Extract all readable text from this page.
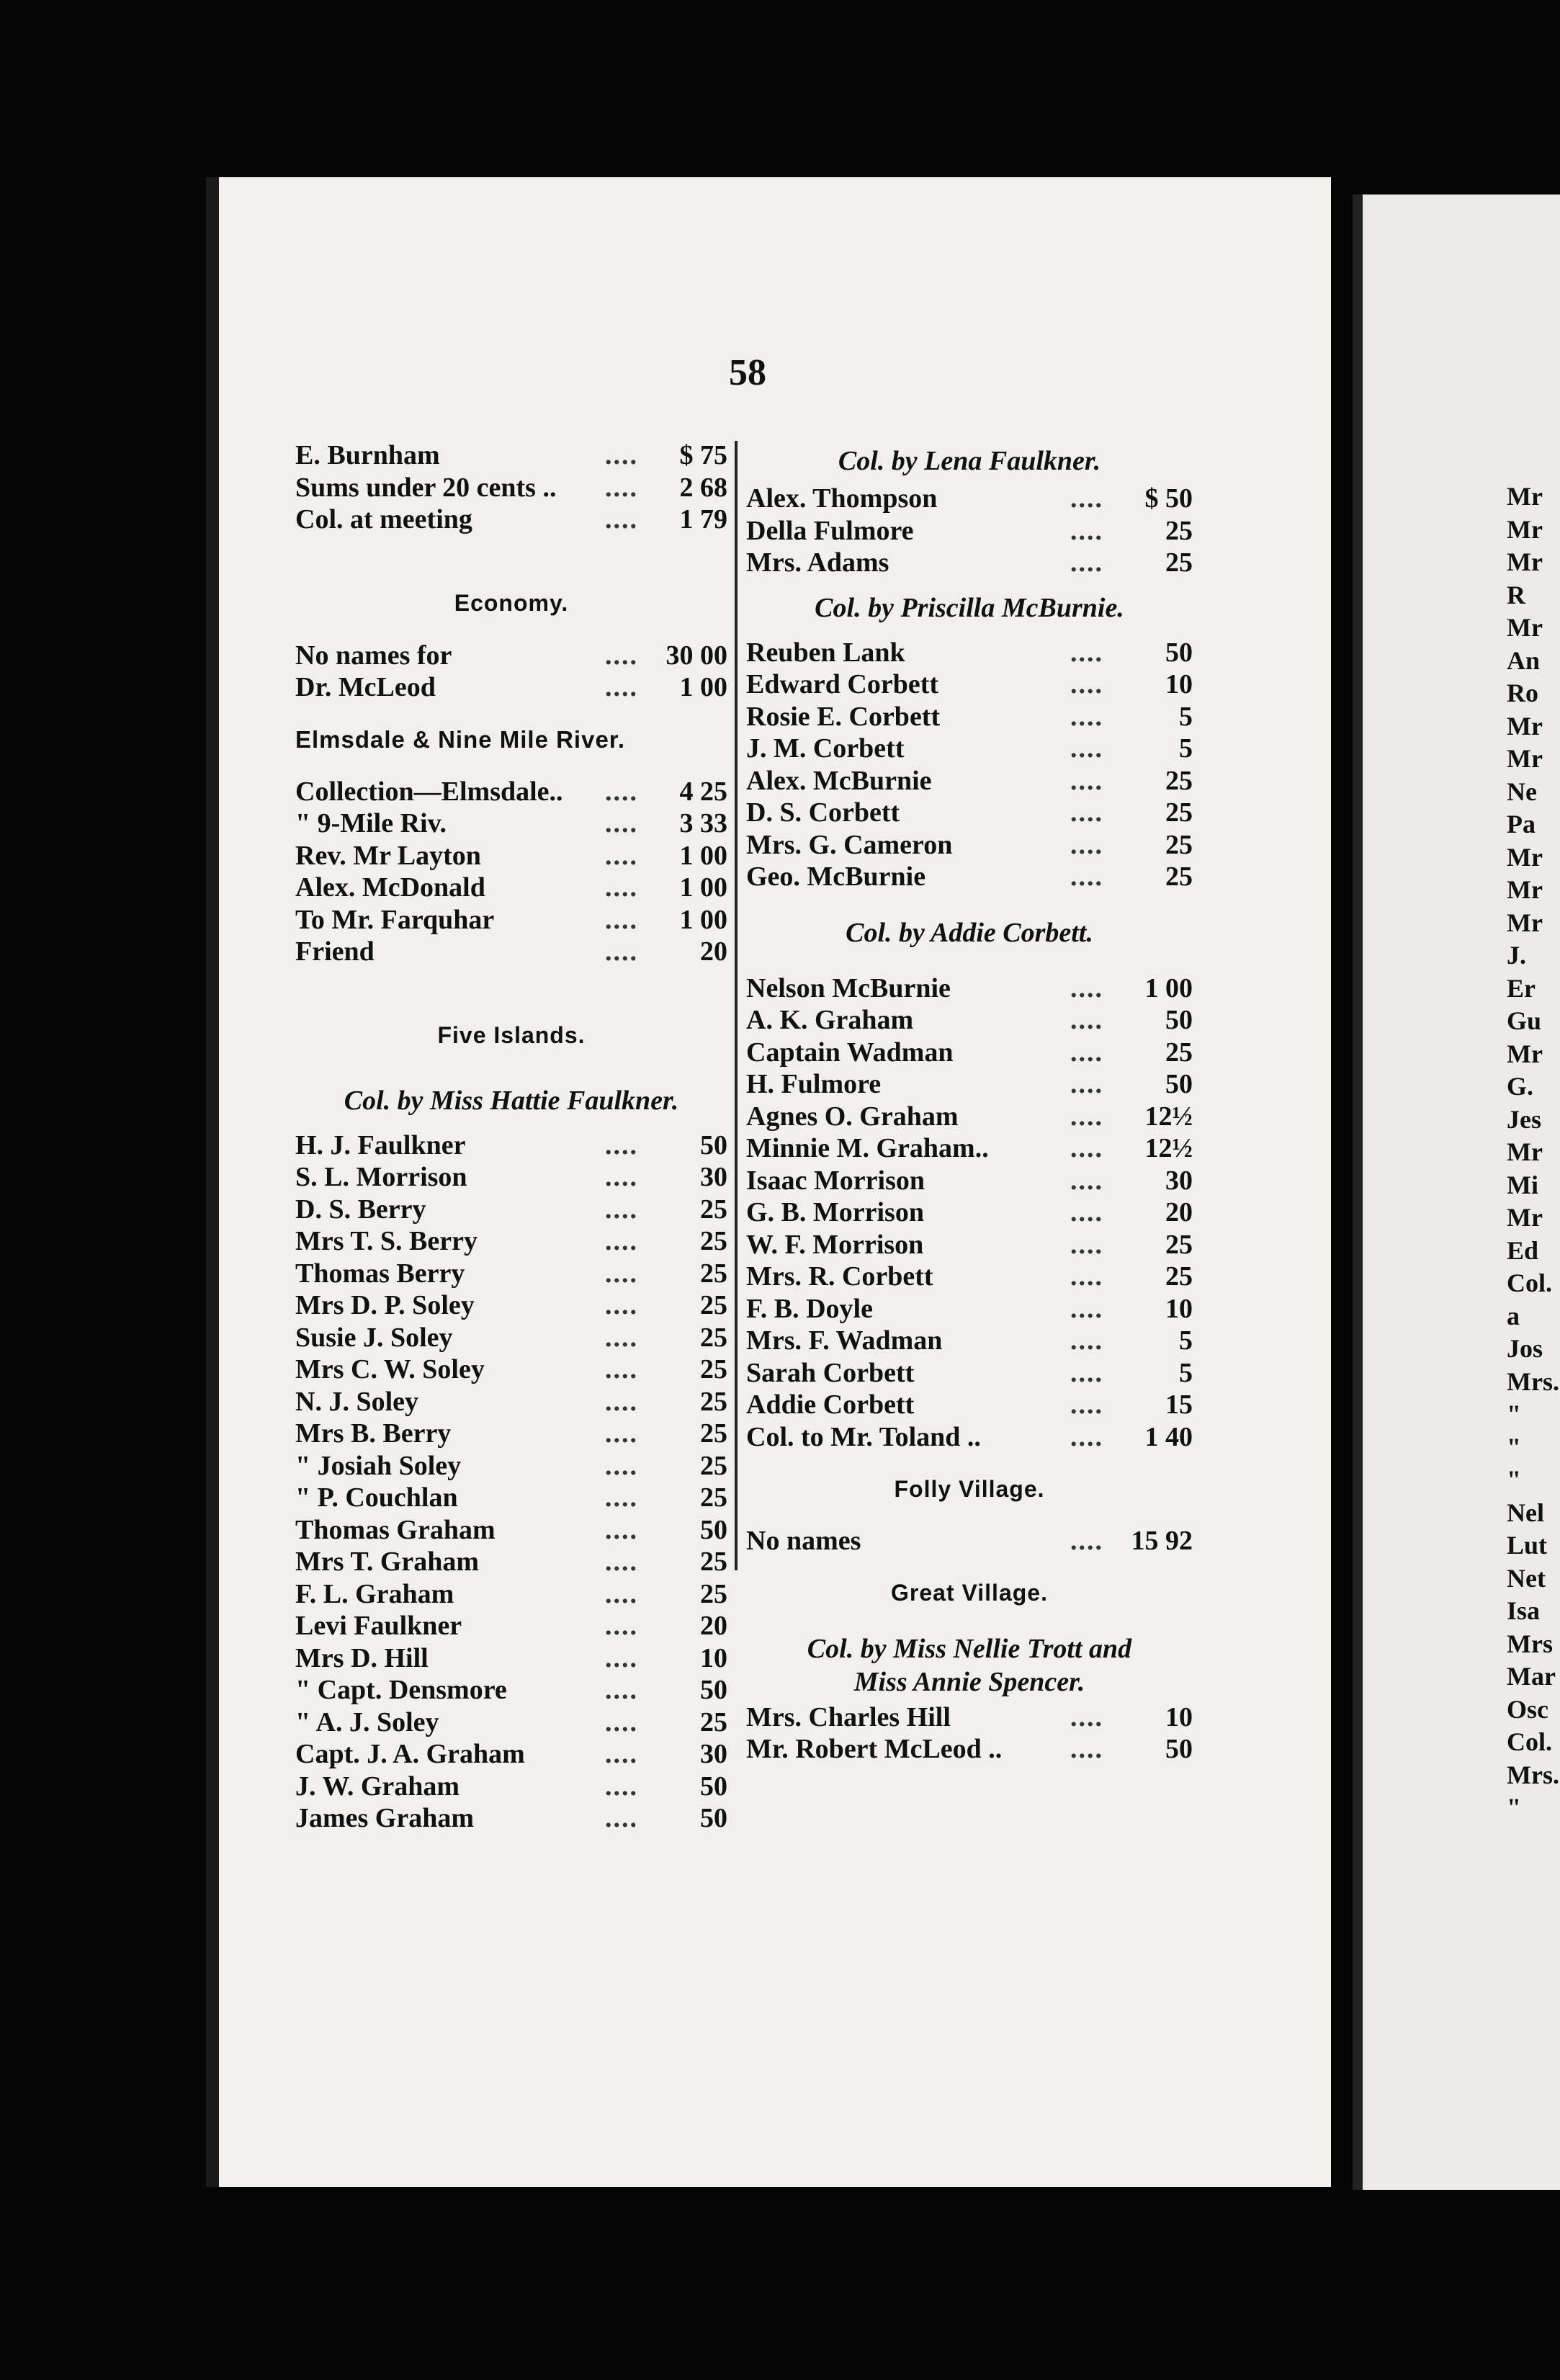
58
E. Burnham	....	$ 75
Sums under 20 cents ..	....	2 68
Col. at meeting	....	1 79
Economy.
No names for	....	30 00
Dr. McLeod	....	1 00
Elmsdale & Nine Mile River.
Collection—Elmsdale..	....	4 25
" 9-Mile Riv.	....	3 33
Rev. Mr Layton	....	1 00
Alex. McDonald	....	1 00
To Mr. Farquhar	....	1 00
Friend	....	20
Five Islands.
Col. by Miss Hattie Faulkner.
H. J. Faulkner	....	50
S. L. Morrison	....	30
D. S. Berry	....	25
Mrs T. S. Berry	....	25
Thomas Berry	....	25
Mrs D. P. Soley	....	25
Susie J. Soley	....	25
Mrs C. W. Soley	....	25
N. J. Soley	....	25
Mrs B. Berry	....	25
" Josiah Soley	....	25
" P. Couchlan	....	25
Thomas Graham	....	50
Mrs T. Graham	....	25
F. L. Graham	....	25
Levi Faulkner	....	20
Mrs D. Hill	....	10
" Capt. Densmore	....	50
" A. J. Soley	....	25
Capt. J. A. Graham	....	30
J. W. Graham	....	50
James Graham	....	50
Col. by Lena Faulkner.
Alex. Thompson	....	$ 50
Della Fulmore	....	25
Mrs. Adams	....	25
Col. by Priscilla McBurnie.
Reuben Lank	....	50
Edward Corbett	....	10
Rosie E. Corbett	....	5
J. M. Corbett	....	5
Alex. McBurnie	....	25
D. S. Corbett	....	25
Mrs. G. Cameron	....	25
Geo. McBurnie	....	25
Col. by Addie Corbett.
Nelson McBurnie	....	1 00
A. K. Graham	....	50
Captain Wadman	....	25
H. Fulmore	....	50
Agnes O. Graham	....	12½
Minnie M. Graham..	....	12½
Isaac Morrison	....	30
G. B. Morrison	....	20
W. F. Morrison	....	25
Mrs. R. Corbett	....	25
F. B. Doyle	....	10
Mrs. F. Wadman	....	5
Sarah Corbett	....	5
Addie Corbett	....	15
Col. to Mr. Toland ..	....	1 40
Folly Village.
No names	....	15 92
Great Village.
Col. by Miss Nellie Trott and
Miss Annie Spencer.
Mrs. Charles Hill	....	10
Mr. Robert McLeod ..	....	50
Mr
Mr
Mr
R
Mr
An
Ro
Mr
Mr
Ne
Pa
Mr
Mr
Mr
J.
Er
Gu
Mr
G.
Jes
Mr
Mi
Mr
Ed
Col.
a
Jos
Mrs.
"
"
"
Nel
Lut
Net
Isa
Mrs
Mar
Osc
Col.
Mrs.
"
